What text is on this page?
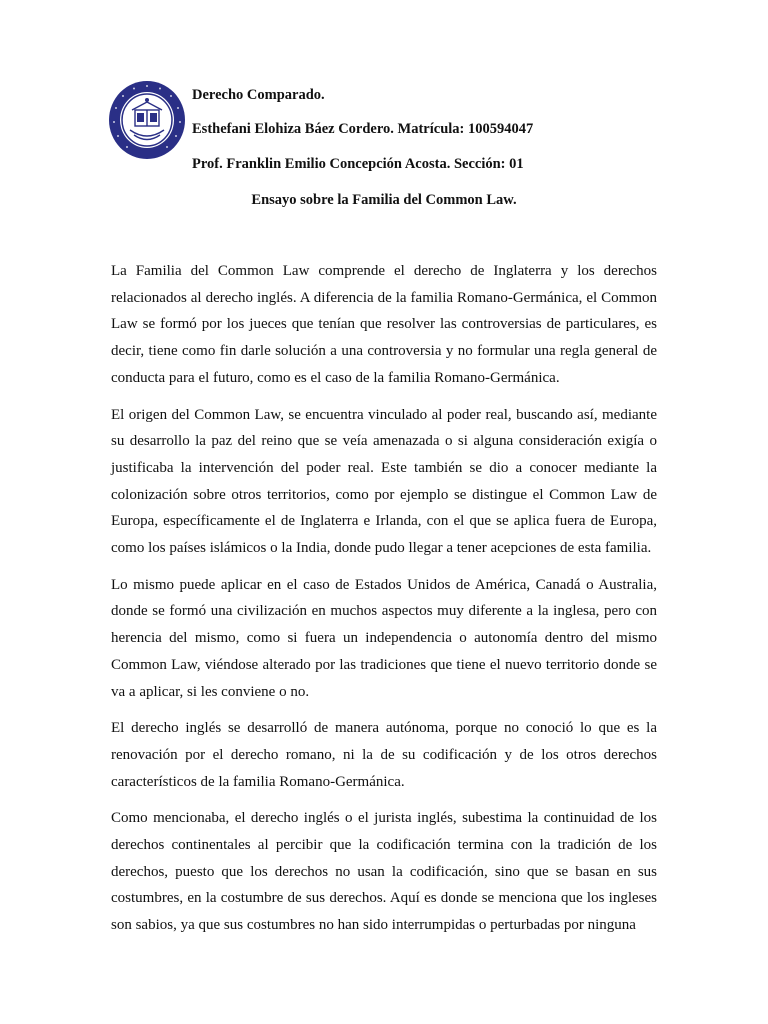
Derecho Comparado.
Esthefani Elohiza Báez Cordero. Matrícula: 100594047
Prof. Franklin Emilio Concepción Acosta. Sección: 01
Ensayo sobre la Familia del Common Law.

La Familia del Common Law comprende el derecho de Inglaterra y los derechos relacionados al derecho inglés. A diferencia de la familia Romano-Germánica, el Common Law se formó por los jueces que tenían que resolver las controversias de particulares, es decir, tiene como fin darle solución a una controversia y no formular una regla general de conducta para el futuro, como es el caso de la familia Romano-Germánica.

El origen del Common Law, se encuentra vinculado al poder real, buscando así, mediante su desarrollo la paz del reino que se veía amenazada o si alguna consideración exigía o justificaba la intervención del poder real. Este también se dio a conocer mediante la colonización sobre otros territorios, como por ejemplo se distingue el Common Law de Europa, específicamente el de Inglaterra e Irlanda, con el que se aplica fuera de Europa, como los países islámicos o la India, donde pudo llegar a tener acepciones de esta familia.

Lo mismo puede aplicar en el caso de Estados Unidos de América, Canadá o Australia, donde se formó una civilización en muchos aspectos muy diferente a la inglesa, pero con herencia del mismo, como si fuera un independencia o autonomía dentro del mismo Common Law, viéndose alterado por las tradiciones que tiene el nuevo territorio donde se va a aplicar, si les conviene o no.

El derecho inglés se desarrolló de manera autónoma, porque no conoció lo que es la renovación por el derecho romano, ni la de su codificación y de los otros derechos característicos de la familia Romano-Germánica.

Como mencionaba, el derecho inglés o el jurista inglés, subestima la continuidad de los derechos continentales al percibir que la codificación termina con la tradición de los derechos, puesto que los derechos no usan la codificación, sino que se basan en sus costumbres, en la costumbre de sus derechos. Aquí es donde se menciona que los ingleses son sabios, ya que sus costumbres no han sido interrumpidas o perturbadas por ninguna
